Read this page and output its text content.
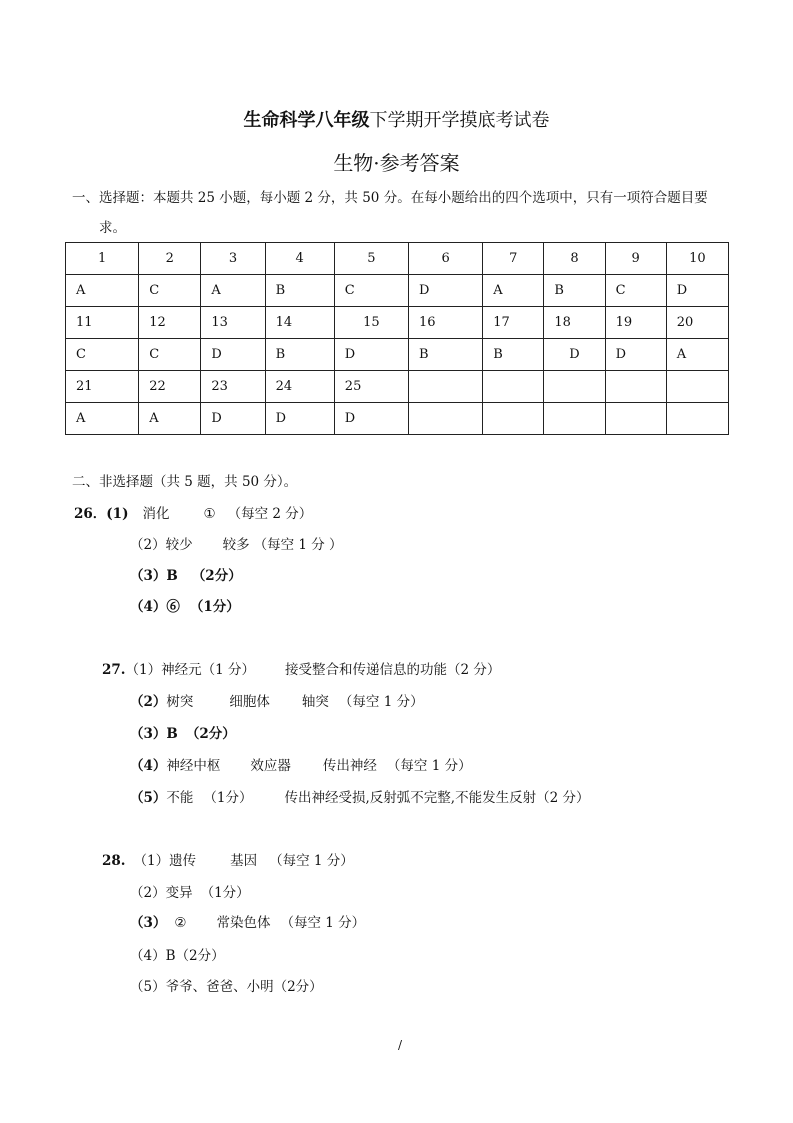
生命科学八年级下学期开学摸底考试卷
生物·参考答案
一、选择题：本题共 25 小题，每小题 2 分，共 50 分。在每小题给出的四个选项中，只有一项符合题目要
求。
1	2	3	4	5	6	7	8	9	10
A	C	A	B	C	D	A	B	C	D
11	12	13	14	15	16	17	18	19	20
C	C	D	B	D	B	B	D	D	A
21	22	23	24	25					
A	A	D	D	D					
二、非选择题（共 5 题，共 50 分）。
26．(1) 消化	① （每空 2 分）
（2）较少 较多 （每空 1 分 ）
（3）B （2分）
（4）⑥ （1分）
27.（1）神经元（1 分） 接受整合和传递信息的功能（2 分）
（2）树突	细胞体 轴突 （每空 1 分）
（3）B （2分）
（4）神经中枢 效应器 传出神经 （每空 1 分）
（5）不能 （1分） 传出神经受损,反射弧不完整,不能发生反射（2 分）
28. （1）遗传	基因 （每空 1 分）
（2）变异 （1分）
（3） ② 常染色体 （每空 1 分）
（4）B（2分）
（5）爷爷、爸爸、小明（2分）
/
